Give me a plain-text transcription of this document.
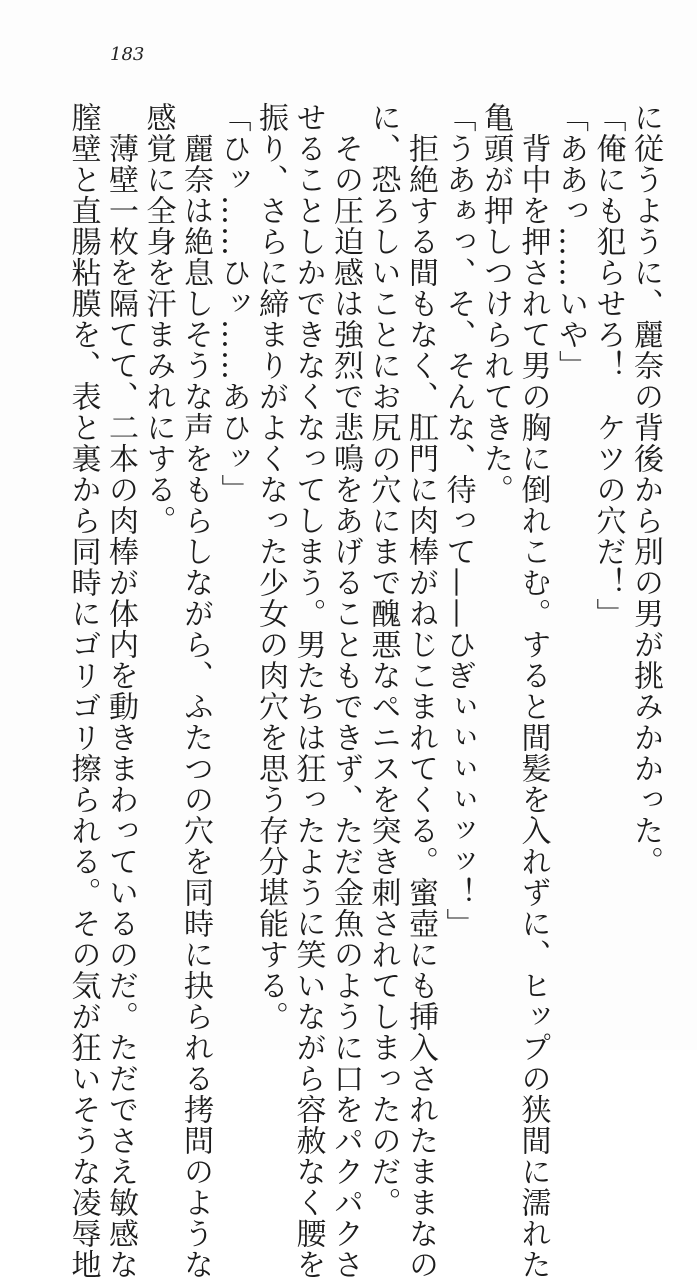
183
に従うように、麗奈の背後から別の男が挑みかかった。
「俺にも犯らせろ！　ケツの穴だ！」
「ああっ……いや」
　背中を押されて男の胸に倒れこむ。すると間髪を入れずに、ヒップの狭間に濡れた
亀頭が押しつけられてきた。
「うあぁっ、そ、そんな、待って——ひぎぃぃぃぃッッ！」
　拒絶する間もなく、肛門に肉棒がねじこまれてくる。蜜壺にも挿入されたままなの
に、恐ろしいことにお尻の穴にまで醜悪なペニスを突き刺されてしまったのだ。
　その圧迫感は強烈で悲鳴をあげることもできず、ただ金魚のように口をパクパクさ
せることしかできなくなってしまう。男たちは狂ったように笑いながら容赦なく腰を
振り、さらに締まりがよくなった少女の肉穴を思う存分堪能する。
「ひッ……ひッ……あひッ」
　麗奈は絶息しそうな声をもらしながら、ふたつの穴を同時に抉られる拷問のような
感覚に全身を汗まみれにする。
　薄壁一枚を隔てて、二本の肉棒が体内を動きまわっているのだ。ただでさえ敏感な
膣壁と直腸粘膜を、表と裏から同時にゴリゴリ擦られる。その気が狂いそうな凌辱地
